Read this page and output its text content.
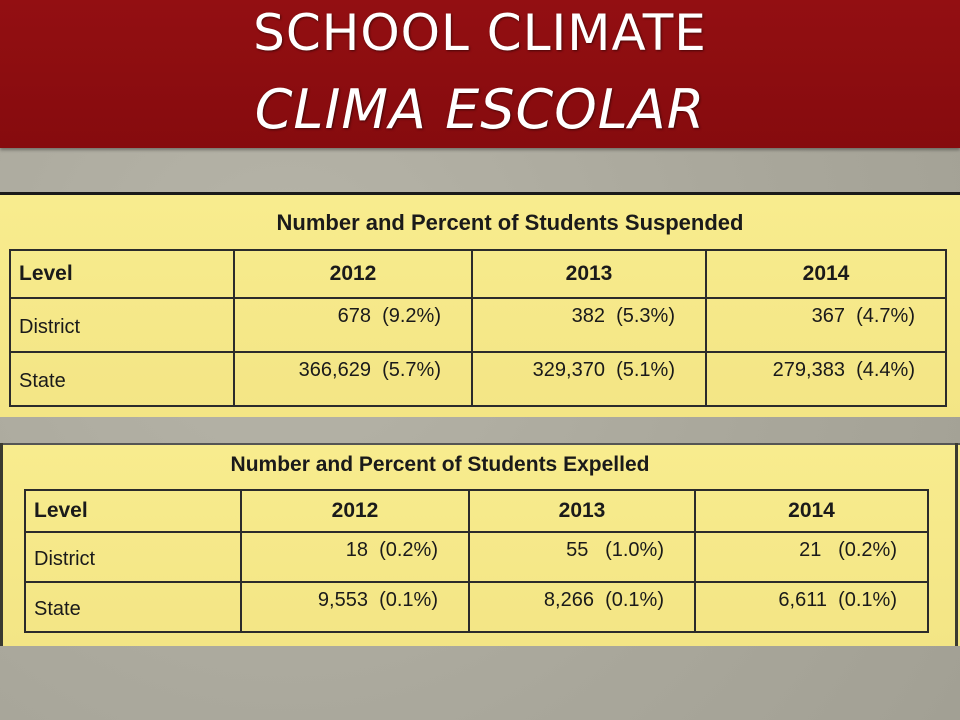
SCHOOL CLIMATE
CLIMA ESCOLAR
Number and Percent of Students Suspended
Level	2012	2013	2014
District	678  (9.2%)	382  (5.3%)	367  (4.7%)
State	366,629  (5.7%)	329,370  (5.1%)	279,383  (4.4%)
Number and Percent of Students Expelled
Level	2012	2013	2014
District	18  (0.2%)	55   (1.0%)	21   (0.2%)
State	9,553  (0.1%)	8,266  (0.1%)	6,611  (0.1%)
